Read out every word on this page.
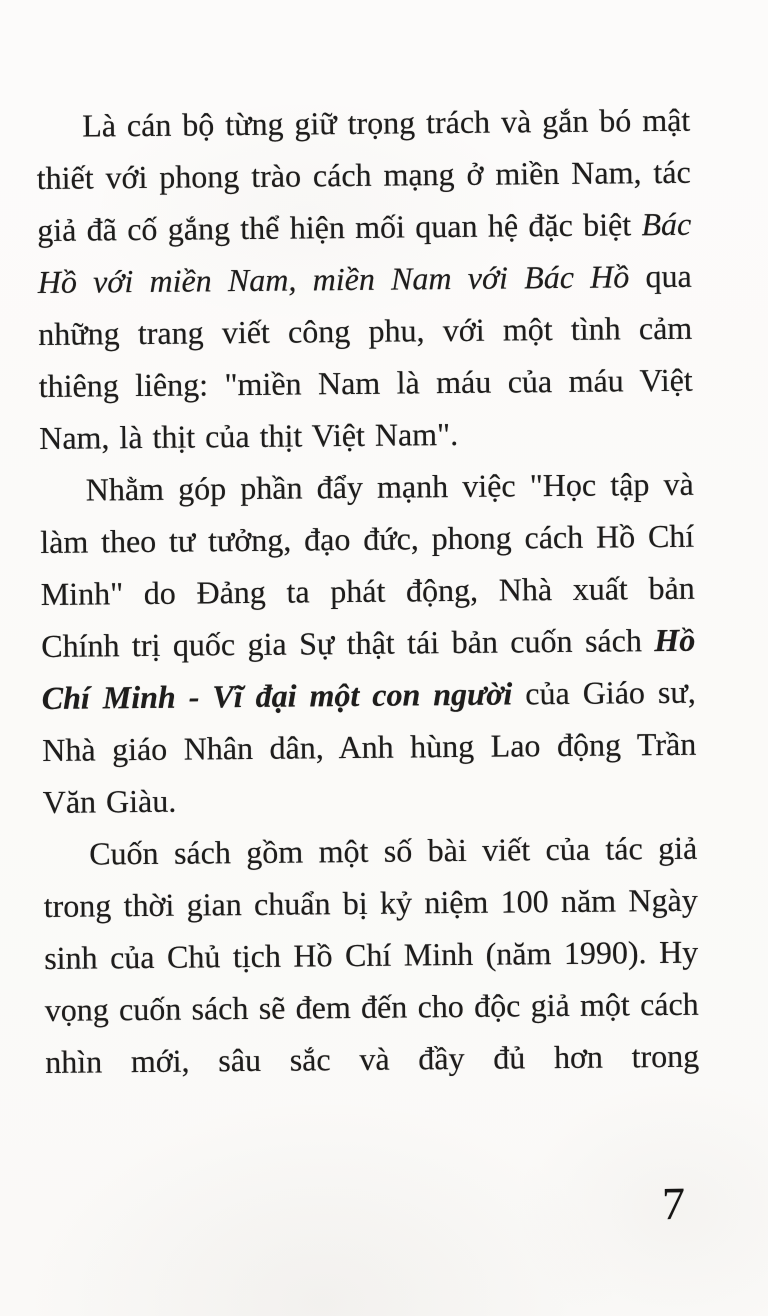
Là cán bộ từng giữ trọng trách và gắn bó mật thiết với phong trào cách mạng ở miền Nam, tác giả đã cố gắng thể hiện mối quan hệ đặc biệt Bác Hồ với miền Nam, miền Nam với Bác Hồ qua những trang viết công phu, với một tình cảm thiêng liêng: "miền Nam là máu của máu Việt Nam, là thịt của thịt Việt Nam".

Nhằm góp phần đẩy mạnh việc "Học tập và làm theo tư tưởng, đạo đức, phong cách Hồ Chí Minh" do Đảng ta phát động, Nhà xuất bản Chính trị quốc gia Sự thật tái bản cuốn sách Hồ Chí Minh - Vĩ đại một con người của Giáo sư, Nhà giáo Nhân dân, Anh hùng Lao động Trần Văn Giàu.

Cuốn sách gồm một số bài viết của tác giả trong thời gian chuẩn bị kỷ niệm 100 năm Ngày sinh của Chủ tịch Hồ Chí Minh (năm 1990). Hy vọng cuốn sách sẽ đem đến cho độc giả một cách nhìn mới, sâu sắc và đầy đủ hơn trong

7
